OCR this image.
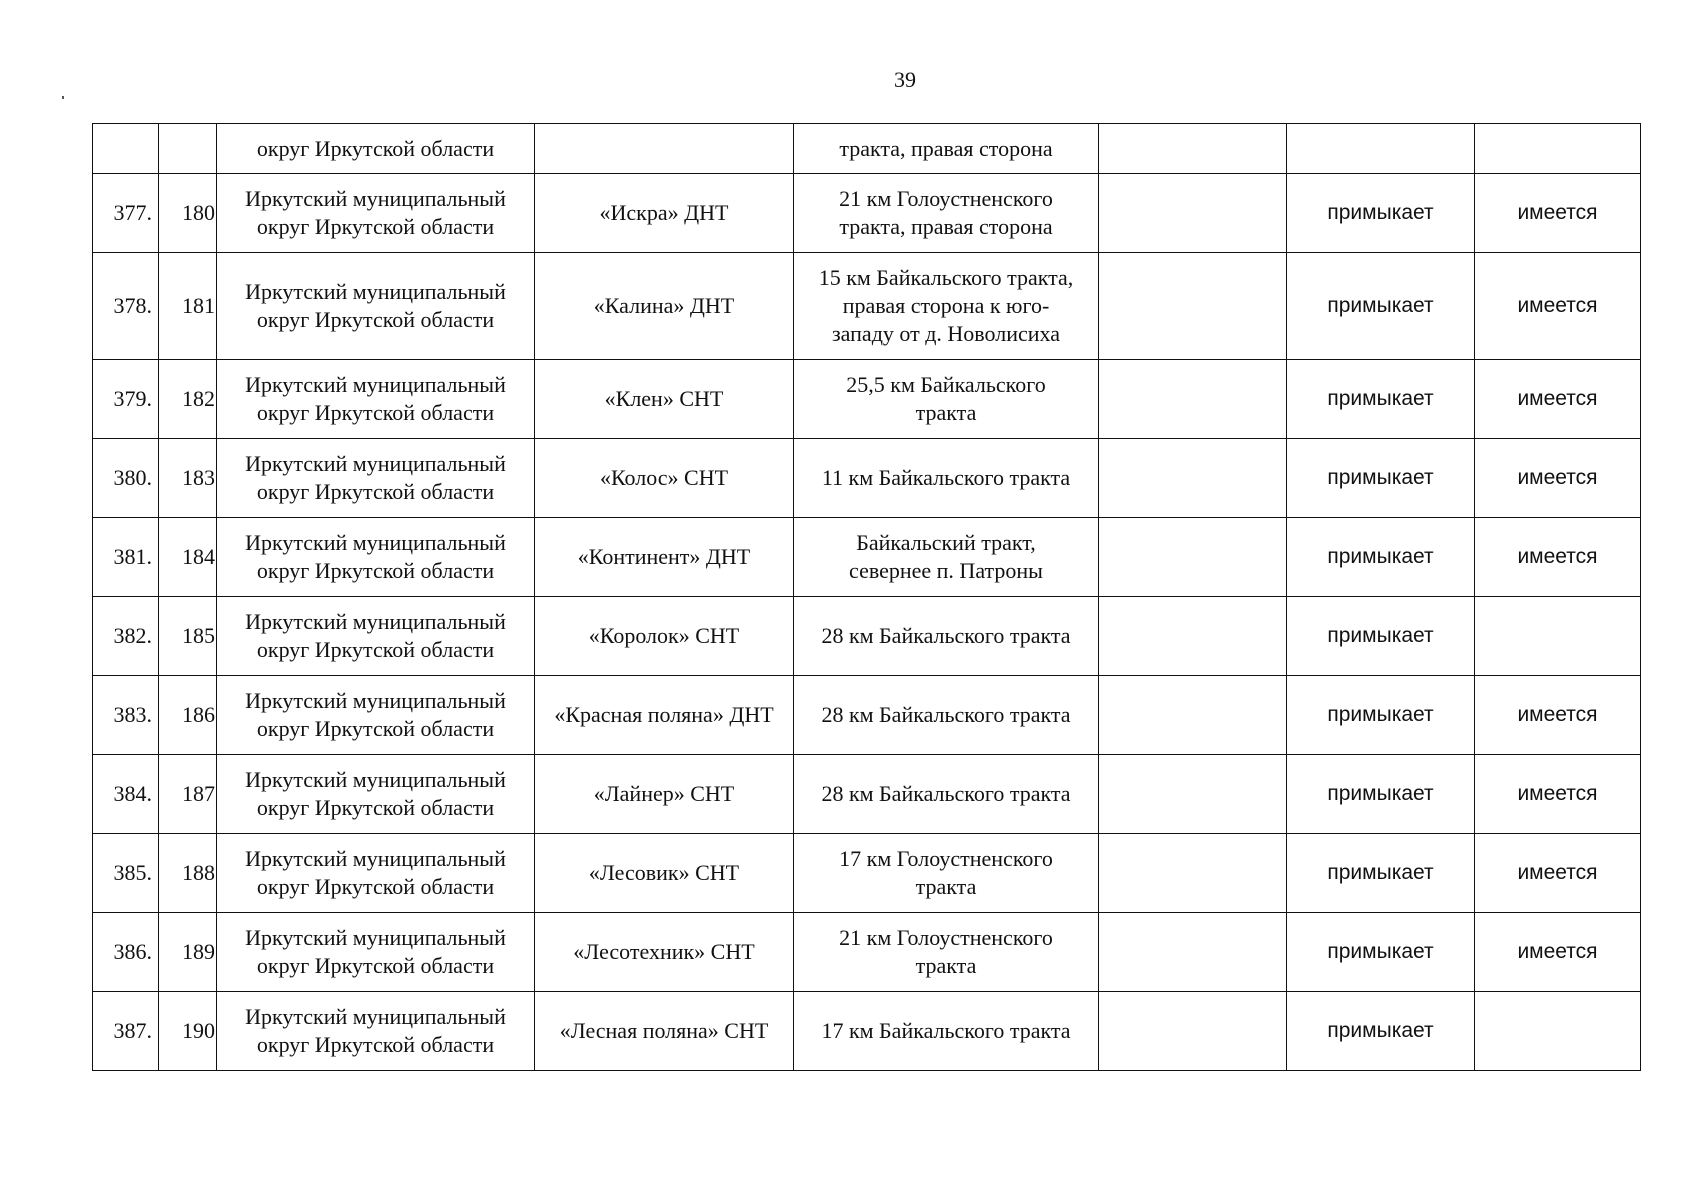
39
		округ Иркутской области		тракта, правая сторона			
377.	180	Иркутский муниципальный
округ Иркутской области	«Искра» ДНТ	21 км Голоустненского
тракта, правая сторона		примыкает	имеется
378.	181	Иркутский муниципальный
округ Иркутской области	«Калина» ДНТ	15 км Байкальского тракта,
правая сторона к юго-
западу от д. Новолисиха		примыкает	имеется
379.	182	Иркутский муниципальный
округ Иркутской области	«Клен» СНТ	25,5 км Байкальского
тракта		примыкает	имеется
380.	183	Иркутский муниципальный
округ Иркутской области	«Колос» СНТ	11 км Байкальского тракта		примыкает	имеется
381.	184	Иркутский муниципальный
округ Иркутской области	«Континент» ДНТ	Байкальский тракт,
севернее п. Патроны		примыкает	имеется
382.	185	Иркутский муниципальный
округ Иркутской области	«Королок» СНТ	28 км Байкальского тракта		примыкает	
383.	186	Иркутский муниципальный
округ Иркутской области	«Красная поляна» ДНТ	28 км Байкальского тракта		примыкает	имеется
384.	187	Иркутский муниципальный
округ Иркутской области	«Лайнер» СНТ	28 км Байкальского тракта		примыкает	имеется
385.	188	Иркутский муниципальный
округ Иркутской области	«Лесовик» СНТ	17 км Голоустненского
тракта		примыкает	имеется
386.	189	Иркутский муниципальный
округ Иркутской области	«Лесотехник» СНТ	21 км Голоустненского
тракта		примыкает	имеется
387.	190	Иркутский муниципальный
округ Иркутской области	«Лесная поляна» СНТ	17 км Байкальского тракта		примыкает	
